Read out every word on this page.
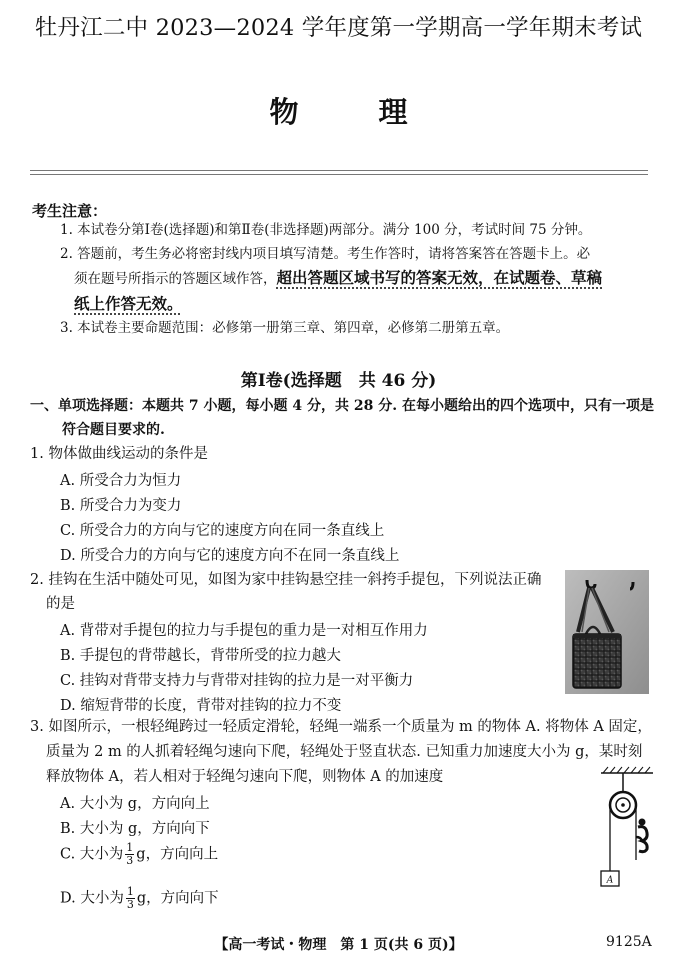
牡丹江二中 2023—2024 学年度第一学期高一学年期末考试
物理
考生注意：
1. 本试卷分第Ⅰ卷(选择题)和第Ⅱ卷(非选择题)两部分。满分 100 分，考试时间 75 分钟。
2. 答题前，考生务必将密封线内项目填写清楚。考生作答时，请将答案答在答题卡上。必
须在题号所指示的答题区域作答，超出答题区域书写的答案无效，在试题卷、草稿
纸上作答无效。
3. 本试卷主要命题范围：必修第一册第三章、第四章，必修第二册第五章。
第Ⅰ卷(选择题　共 46 分)
一、单项选择题：本题共 7 小题，每小题 4 分，共 28 分. 在每小题给出的四个选项中，只有一项是
符合题目要求的.
1. 物体做曲线运动的条件是
A. 所受合力为恒力
B. 所受合力为变力
C. 所受合力的方向与它的速度方向在同一条直线上
D. 所受合力的方向与它的速度方向不在同一条直线上
2. 挂钩在生活中随处可见，如图为家中挂钩悬空挂一斜挎手提包，下列说法正确
的是
A. 背带对手提包的拉力与手提包的重力是一对相互作用力
B. 手提包的背带越长，背带所受的拉力越大
C. 挂钩对背带支持力与背带对挂钩的拉力是一对平衡力
D. 缩短背带的长度，背带对挂钩的拉力不变
3. 如图所示，一根轻绳跨过一轻质定滑轮，轻绳一端系一个质量为 m 的物体 A. 将物体 A 固定，
质量为 2 m 的人抓着轻绳匀速向下爬，轻绳处于竖直状态. 已知重力加速度大小为 g，某时刻
释放物体 A，若人相对于轻绳匀速向下爬，则物体 A 的加速度
A. 大小为 g，方向向上
B. 大小为 g，方向向下
C. 大小为 $\frac{1}{3}$ g，方向向上
D. 大小为 $\frac{1}{3}$ g，方向向下
A
【高一考试・物理　第 1 页(共 6 页)】	9125A
